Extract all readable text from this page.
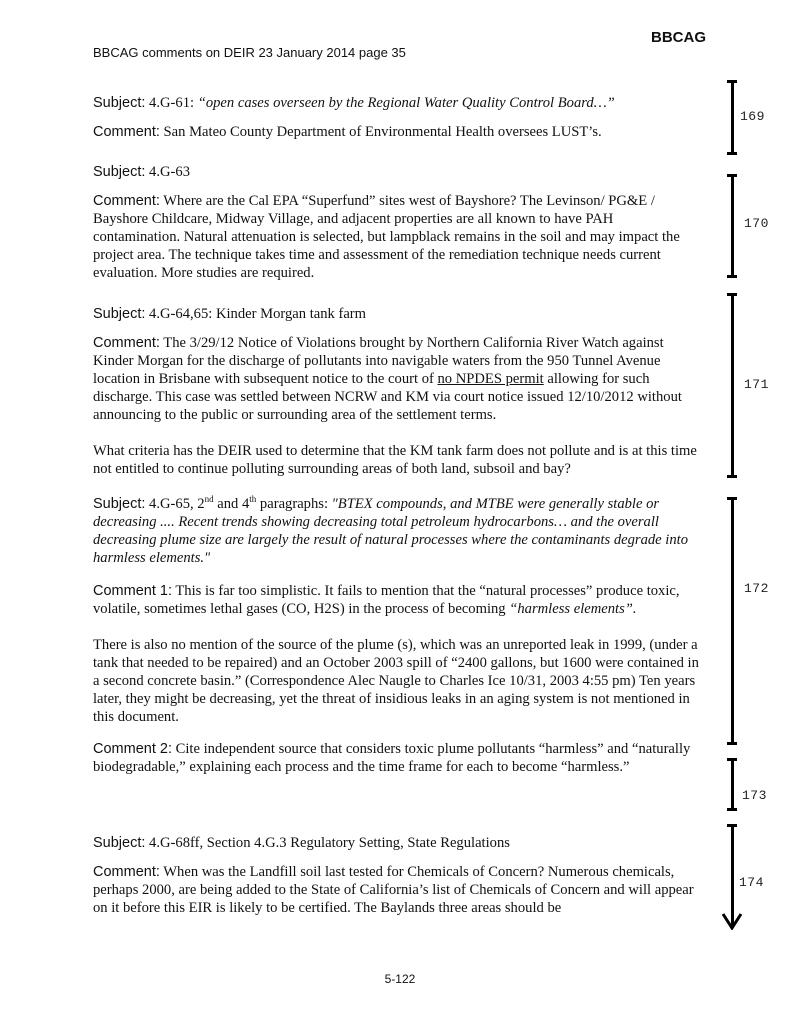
BBCAG
BBCAG comments on DEIR 23 January 2014 page 35

Subject: 4.G-61: “open cases overseen by the Regional Water Quality Control Board…”

Comment: San Mateo County Department of Environmental Health oversees LUST’s.

Subject: 4.G-63

Comment: Where are the Cal EPA “Superfund” sites west of Bayshore? The Levinson/ PG&E / Bayshore Childcare, Midway Village, and adjacent properties are all known to have PAH contamination. Natural attenuation is selected, but lampblack remains in the soil and may impact the project area. The technique takes time and assessment of the remediation technique needs current evaluation. More studies are required.

Subject: 4.G-64,65: Kinder Morgan tank farm

Comment: The 3/29/12 Notice of Violations brought by Northern California River Watch against Kinder Morgan for the discharge of pollutants into navigable waters from the 950 Tunnel Avenue location in Brisbane with subsequent notice to the court of no NPDES permit allowing for such discharge. This case was settled between NCRW and KM via court notice issued 12/10/2012 without announcing to the public or surrounding area of the settlement terms.

What criteria has the DEIR used to determine that the KM tank farm does not pollute and is at this time not entitled to continue polluting surrounding areas of both land, subsoil and bay?

Subject: 4.G-65, 2nd and 4th paragraphs: "BTEX compounds, and MTBE were generally stable or decreasing .... Recent trends showing decreasing total petroleum hydrocarbons… and the overall decreasing plume size are largely the result of natural processes where the contaminants degrade into harmless elements."

Comment 1: This is far too simplistic. It fails to mention that the “natural processes” produce toxic, volatile, sometimes lethal gases (CO, H2S) in the process of becoming “harmless elements”.

There is also no mention of the source of the plume (s), which was an unreported leak in 1999, (under a tank that needed to be repaired) and an October 2003 spill of “2400 gallons, but 1600 were contained in a second concrete basin.” (Correspondence Alec Naugle to Charles Ice 10/31, 2003 4:55 pm) Ten years later, they might be decreasing, yet the threat of insidious leaks in an aging system is not mentioned in this document.

Comment 2: Cite independent source that considers toxic plume pollutants “harmless” and “naturally biodegradable,” explaining each process and the time frame for each to become “harmless.”

Subject: 4.G-68ff, Section 4.G.3 Regulatory Setting, State Regulations

Comment: When was the Landfill soil last tested for Chemicals of Concern? Numerous chemicals, perhaps 2000, are being added to the State of California’s list of Chemicals of Concern and will appear on it before this EIR is likely to be certified. The Baylands three areas should be

169
170
171
172
173
174
5-122
